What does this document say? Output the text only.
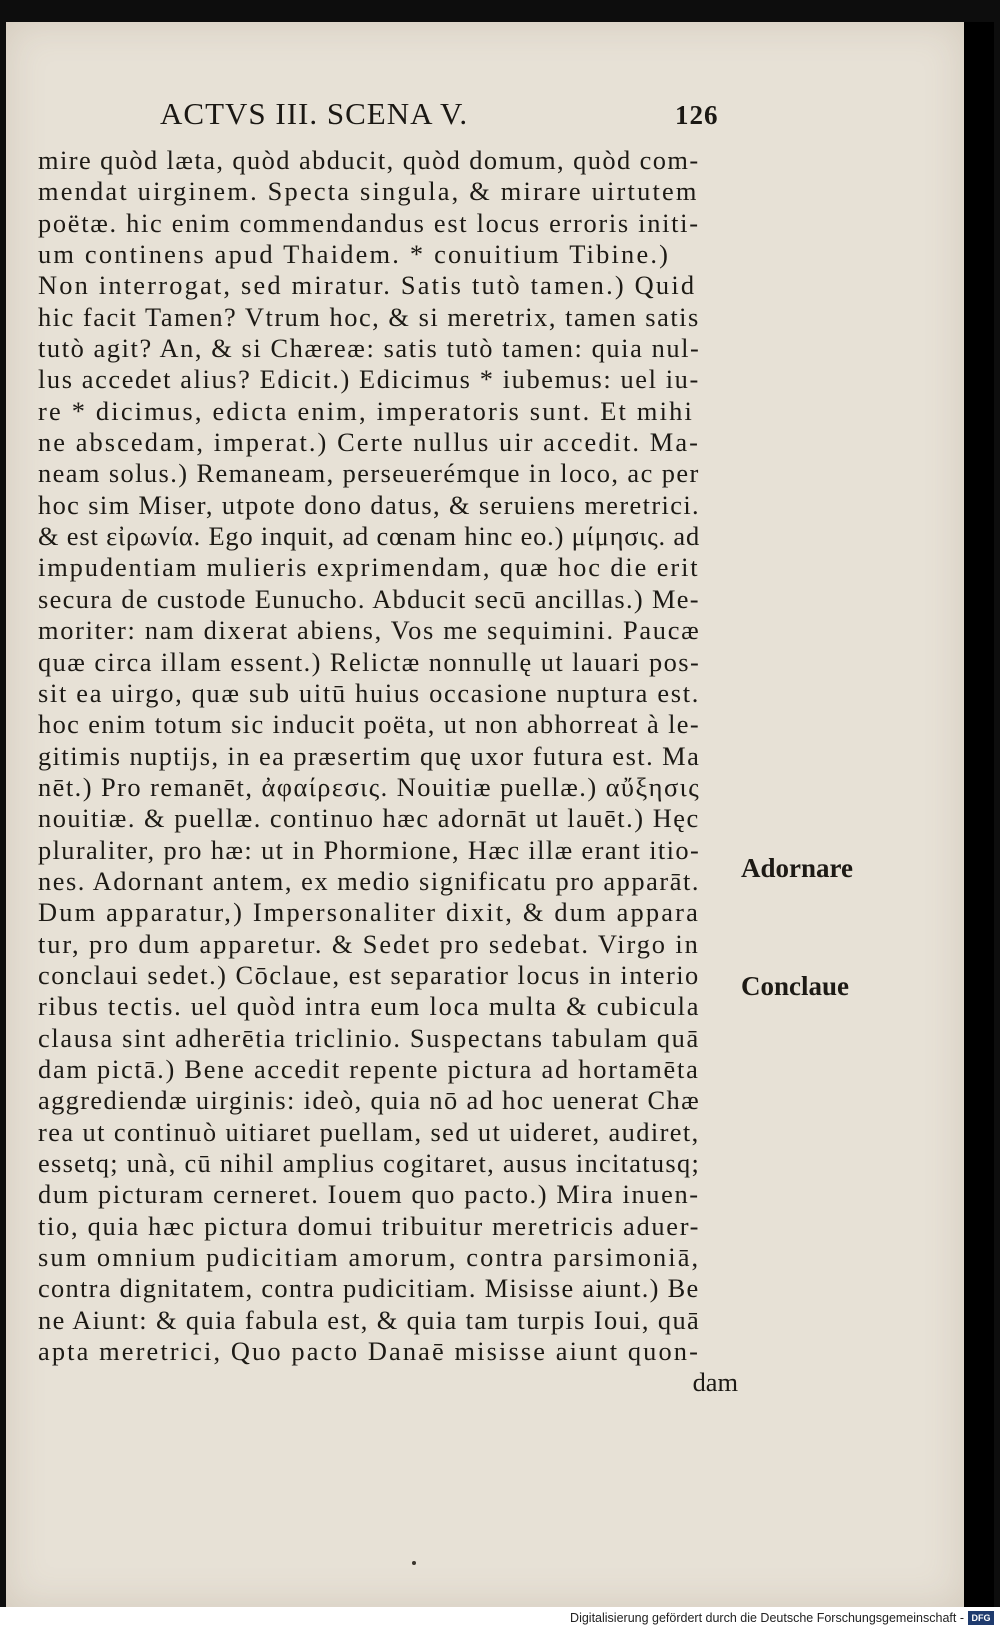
ACTVS III. SCENA V.	126
mire quòd læta, quòd abducit, quòd domum, quòd com-
mendat uirginem. Specta singula, & mirare uirtutem
poëtæ. hic enim commendandus est locus erroris initi-
um continens apud Thaidem. * conuitium Tibine.)
Non interrogat, sed miratur. Satis tutò tamen.) Quid
hic facit Tamen? Vtrum hoc, & si meretrix, tamen satis
tutò agit? An, & si Chæreæ: satis tutò tamen: quia nul-
lus accedet alius? Edicit.) Edicimus * iubemus: uel iu-
re * dicimus, edicta enim, imperatoris sunt. Et mihi
ne abscedam, imperat.) Certe nullus uir accedit. Ma-
neam solus.) Remaneam, perseuerémque in loco, ac per
hoc sim Miser, utpote dono datus, & seruiens meretrici.
& est εἰρωνία. Ego inquit, ad cœnam hinc eo.) μίμησις. ad
impudentiam mulieris exprimendam, quæ hoc die erit
secura de custode Eunucho. Abducit secū ancillas.) Me-
moriter: nam dixerat abiens, Vos me sequimini. Paucæ
quæ circa illam essent.) Relictæ nonnullę ut lauari pos-
sit ea uirgo, quæ sub uitū huius occasione nuptura est.
hoc enim totum sic inducit poëta, ut non abhorreat à le-
gitimis nuptijs, in ea præsertim quę uxor futura est. Ma
nēt.) Pro remanēt, ἀφαίρεσις. Nouitiæ puellæ.) αὔξησις
nouitiæ. & puellæ. continuo hæc adornāt ut lauēt.) Hęc
pluraliter, pro hæ: ut in Phormione, Hæc illæ erant itio-
nes. Adornant antem, ex medio significatu pro apparāt.
Dum apparatur,) Impersonaliter dixit, & dum appara
tur, pro dum apparetur. & Sedet pro sedebat. Virgo in
conclaui sedet.) Cōclaue, est separatior locus in interio
ribus tectis. uel quòd intra eum loca multa & cubicula
clausa sint adherētia triclinio. Suspectans tabulam quā
dam pictā.) Bene accedit repente pictura ad hortamēta
aggrediendæ uirginis: ideò, quia nō ad hoc uenerat Chæ
rea ut continuò uitiaret puellam, sed ut uideret, audiret,
essetq; unà, cū nihil amplius cogitaret, ausus incitatusq;
dum picturam cerneret. Iouem quo pacto.) Mira inuen-
tio, quia hæc pictura domui tribuitur meretricis aduer-
sum omnium pudicitiam amorum, contra parsimoniā,
contra dignitatem, contra pudicitiam. Misisse aiunt.) Be
ne Aiunt: & quia fabula est, & quia tam turpis Ioui, quā
apta meretrici, Quo pacto Danaē misisse aiunt quon-
dam
Adornare
Conclaue
Digitalisierung gefördert durch die Deutsche Forschungsgemeinschaft - DFG
